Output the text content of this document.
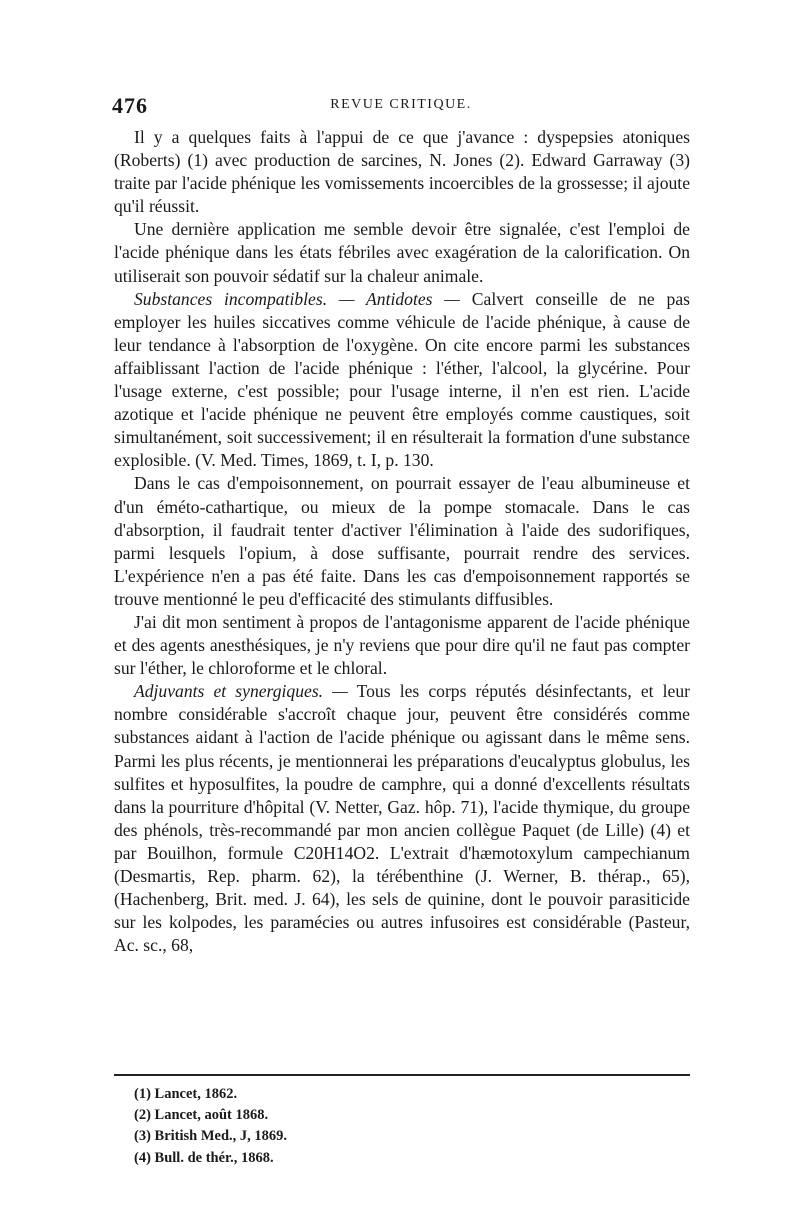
476	REVUE CRITIQUE.

Il y a quelques faits à l'appui de ce que j'avance : dyspepsies atoniques (Roberts) (1) avec production de sarcines, N. Jones (2). Edward Garraway (3) traite par l'acide phénique les vomissements incoercibles de la grossesse; il ajoute qu'il réussit.

Une dernière application me semble devoir être signalée, c'est l'emploi de l'acide phénique dans les états fébriles avec exagération de la calorification. On utiliserait son pouvoir sédatif sur la chaleur animale.

Substances incompatibles. — Antidotes — Calvert conseille de ne pas employer les huiles siccatives comme véhicule de l'acide phénique, à cause de leur tendance à l'absorption de l'oxygène. On cite encore parmi les substances affaiblissant l'action de l'acide phénique : l'éther, l'alcool, la glycérine. Pour l'usage externe, c'est possible; pour l'usage interne, il n'en est rien. L'acide azotique et l'acide phénique ne peuvent être employés comme caustiques, soit simultanément, soit successivement; il en résulterait la formation d'une substance explosible. (V. Med. Times, 1869, t. I, p. 130.

Dans le cas d'empoisonnement, on pourrait essayer de l'eau albumineuse et d'un éméto-cathartique, ou mieux de la pompe stomacale. Dans le cas d'absorption, il faudrait tenter d'activer l'élimination à l'aide des sudorifiques, parmi lesquels l'opium, à dose suffisante, pourrait rendre des services. L'expérience n'en a pas été faite. Dans les cas d'empoisonnement rapportés se trouve mentionné le peu d'efficacité des stimulants diffusibles.

J'ai dit mon sentiment à propos de l'antagonisme apparent de l'acide phénique et des agents anesthésiques, je n'y reviens que pour dire qu'il ne faut pas compter sur l'éther, le chloroforme et le chloral.

Adjuvants et synergiques. — Tous les corps réputés désinfectants, et leur nombre considérable s'accroît chaque jour, peuvent être considérés comme substances aidant à l'action de l'acide phénique ou agissant dans le même sens. Parmi les plus récents, je mentionnerai les préparations d'eucalyptus globulus, les sulfites et hyposulfites, la poudre de camphre, qui a donné d'excellents résultats dans la pourriture d'hôpital (V. Netter, Gaz. hôp. 71), l'acide thymique, du groupe des phénols, très-recommandé par mon ancien collègue Paquet (de Lille) (4) et par Bouilhon, formule C20H14O2. L'extrait d'hæmotoxylum campechianum (Desmartis, Rep. pharm. 62), la térébenthine (J. Werner, B. thérap., 65), (Hachenberg, Brit. med. J. 64), les sels de quinine, dont le pouvoir parasiticide sur les kolpodes, les paramécies ou autres infusoires est considérable (Pasteur, Ac. sc., 68,

(1) Lancet, 1862.
(2) Lancet, août 1868.
(3) British Med., J, 1869.
(4) Bull. de thér., 1868.
